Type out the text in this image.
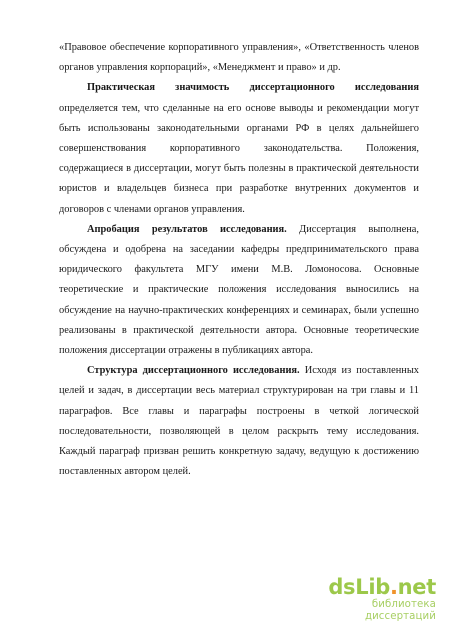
«Правовое обеспечение корпоративного управления», «Ответственность членов органов управления корпораций», «Менеджмент и право» и др.

Практическая значимость диссертационного исследования определяется тем, что сделанные на его основе выводы и рекомендации могут быть использованы законодательными органами РФ в целях дальнейшего совершенствования корпоративного законодательства. Положения, содержащиеся в диссертации, могут быть полезны в практической деятельности юристов и владельцев бизнеса при разработке внутренних документов и договоров с членами органов управления.

Апробация результатов исследования. Диссертация выполнена, обсуждена и одобрена на заседании кафедры предпринимательского права юридического факультета МГУ имени М.В. Ломоносова. Основные теоретические и практические положения исследования выносились на обсуждение на научно-практических конференциях и семинарах, были успешно реализованы в практической деятельности автора. Основные теоретические положения диссертации отражены в публикациях автора.

Структура диссертационного исследования. Исходя из поставленных целей и задач, в диссертации весь материал структурирован на три главы и 11 параграфов. Все главы и параграфы построены в четкой логической последовательности, позволяющей в целом раскрыть тему исследования. Каждый параграф призван решить конкретную задачу, ведущую к достижению поставленных автором целей.

dsLib.net
библиотека диссертаций
